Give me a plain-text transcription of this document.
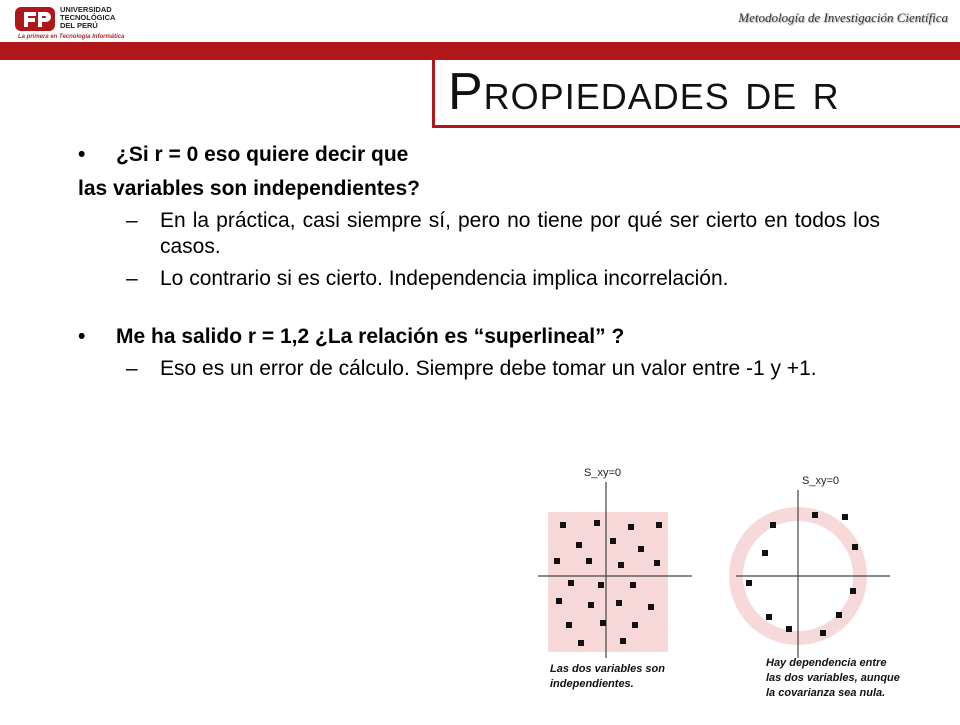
UNIVERSIDAD
TECNOLÓGICA
DEL PERÚ
La primera en Tecnología Informática
Metodología de Investigación Científica
Propiedades de r
• ¿Si r = 0 eso quiere decir que
las variables son independientes?
– En la práctica, casi siempre sí, pero no tiene por qué ser cierto en todos los casos.
– Lo contrario si es cierto. Independencia implica incorrelación.
• Me ha salido r = 1,2 ¿La relación es “superlineal” ?
– Eso es un error de cálculo. Siempre debe tomar un valor entre -1 y +1.
S_xy=0
S_xy=0
Las dos variables son
independientes.
Hay dependencia entre
las dos variables, aunque
la covarianza sea nula.
